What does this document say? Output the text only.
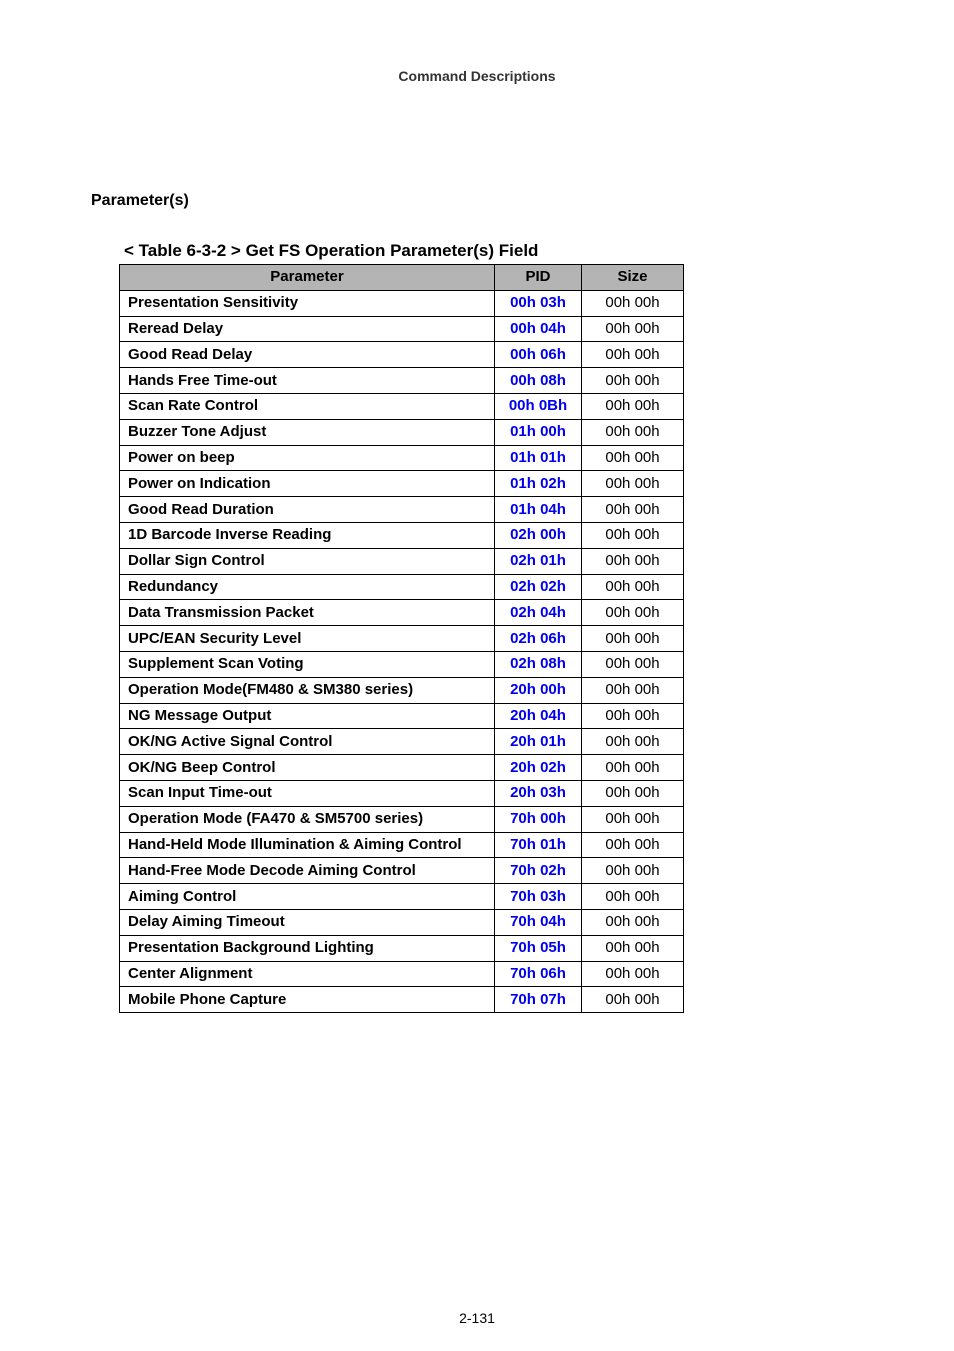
Command Descriptions
Parameter(s)
< Table 6-3-2 > Get FS Operation Parameter(s) Field
Parameter	PID	Size
Presentation Sensitivity	00h 03h	00h 00h
Reread Delay	00h 04h	00h 00h
Good Read Delay	00h 06h	00h 00h
Hands Free Time-out	00h 08h	00h 00h
Scan Rate Control	00h 0Bh	00h 00h
Buzzer Tone Adjust	01h 00h	00h 00h
Power on beep	01h 01h	00h 00h
Power on Indication	01h 02h	00h 00h
Good Read Duration	01h 04h	00h 00h
1D Barcode Inverse Reading	02h 00h	00h 00h
Dollar Sign Control	02h 01h	00h 00h
Redundancy	02h 02h	00h 00h
Data Transmission Packet	02h 04h	00h 00h
UPC/EAN Security Level	02h 06h	00h 00h
Supplement Scan Voting	02h 08h	00h 00h
Operation Mode(FM480 & SM380 series)	20h 00h	00h 00h
NG Message Output	20h 04h	00h 00h
OK/NG Active Signal Control	20h 01h	00h 00h
OK/NG Beep Control	20h 02h	00h 00h
Scan Input Time-out	20h 03h	00h 00h
Operation Mode (FA470 & SM5700 series)	70h 00h	00h 00h
Hand-Held Mode Illumination & Aiming Control	70h 01h	00h 00h
Hand-Free Mode Decode Aiming Control	70h 02h	00h 00h
Aiming Control	70h 03h	00h 00h
Delay Aiming Timeout	70h 04h	00h 00h
Presentation Background Lighting	70h 05h	00h 00h
Center Alignment	70h 06h	00h 00h
Mobile Phone Capture	70h 07h	00h 00h
2-131
